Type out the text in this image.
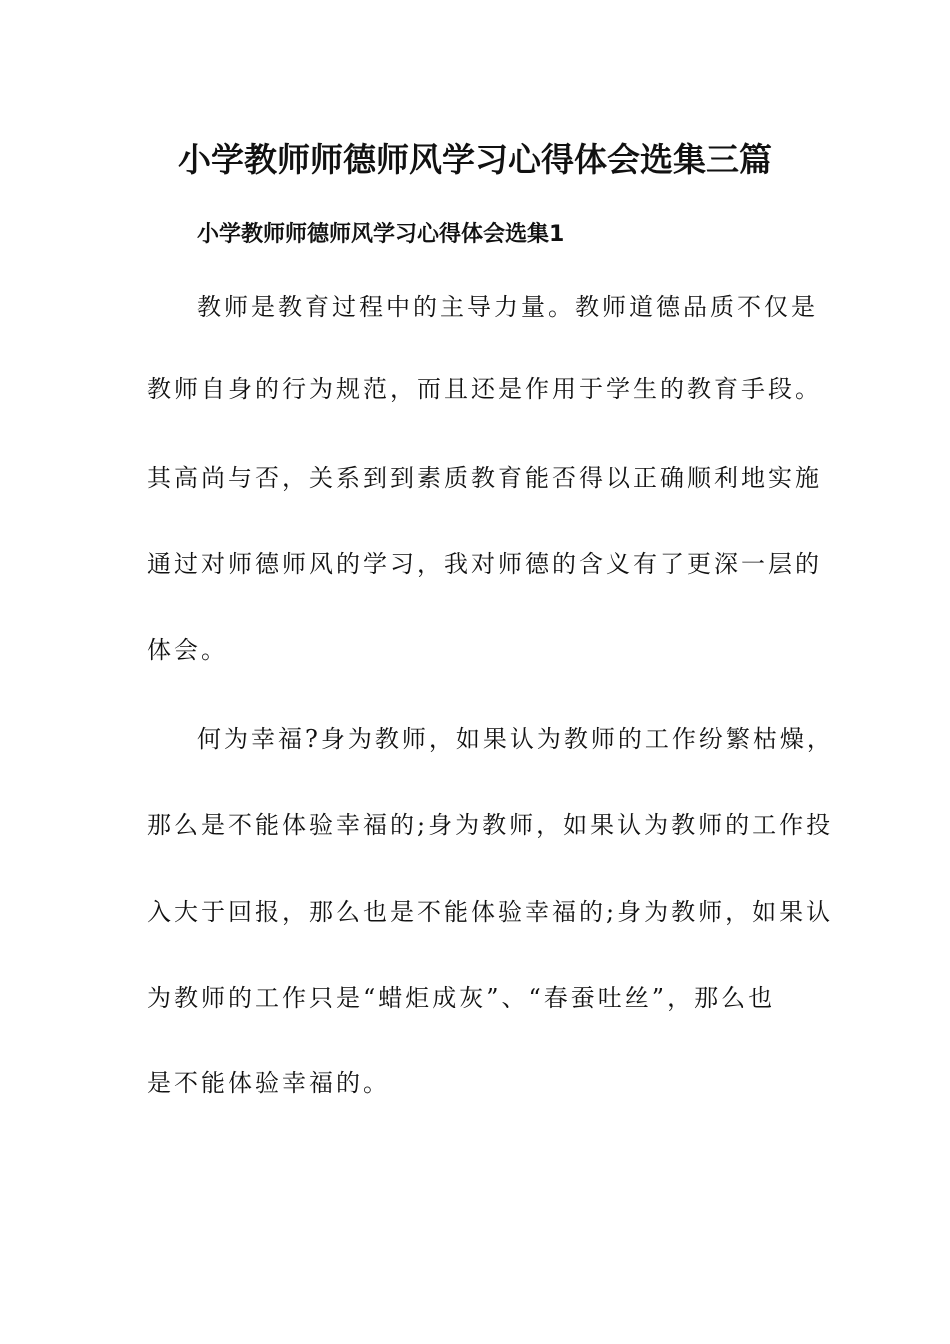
小学教师师德师风学习心得体会选集三篇
小学教师师德师风学习心得体会选集1
教师是教育过程中的主导力量。教师道德品质不仅是
教师自身的行为规范，而且还是作用于学生的教育手段。
其高尚与否，关系到到素质教育能否得以正确顺利地实施
通过对师德师风的学习，我对师德的含义有了更深一层的
体会。
何为幸福?身为教师，如果认为教师的工作纷繁枯燥，
那么是不能体验幸福的;身为教师，如果认为教师的工作投
入大于回报，那么也是不能体验幸福的;身为教师，如果认
为教师的工作只是“蜡炬成灰”、“春蚕吐丝”，那么也
是不能体验幸福的。
